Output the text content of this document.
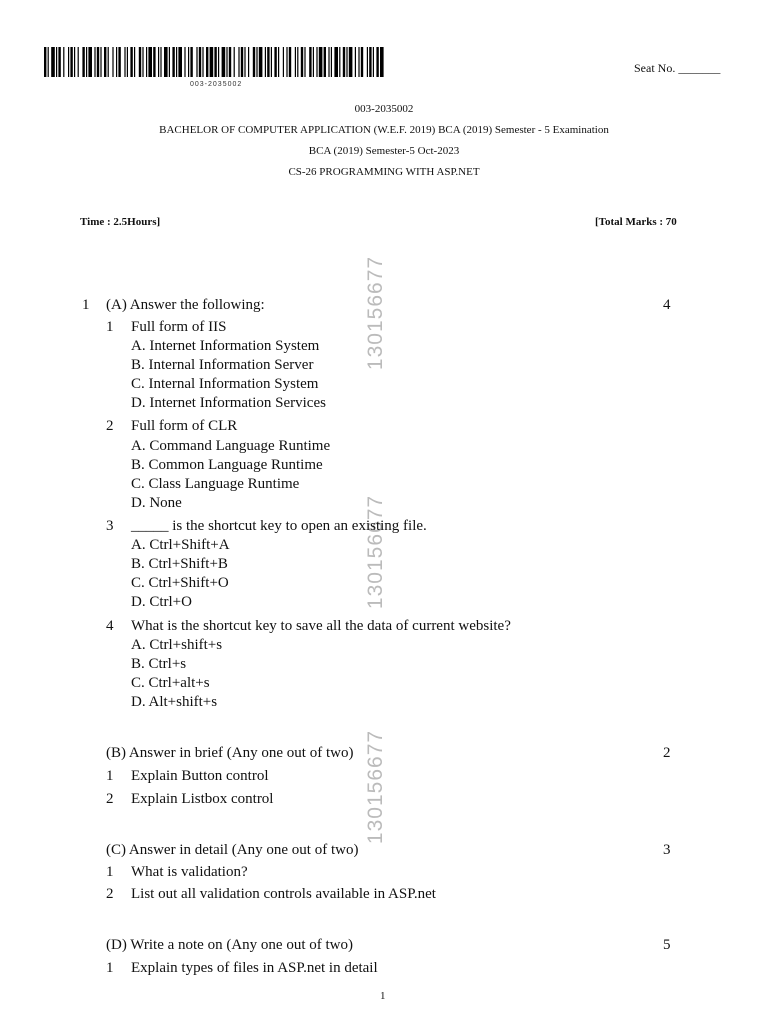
003-2035002
Seat No. _______
003-2035002
BACHELOR OF COMPUTER APPLICATION (W.E.F. 2019) BCA (2019) Semester - 5 Examination
BCA (2019) Semester-5 Oct-2023
CS-26 PROGRAMMING WITH ASP.NET
Time : 2.5Hours]	[Total Marks : 70
130156677
130156677
130156677
1 (A) Answer the following:	4
1 Full form of IIS
A. Internet Information System
B. Internal Information Server
C. Internal Information System
D. Internet Information Services
2 Full form of CLR
A. Command Language Runtime
B. Common Language Runtime
C. Class Language Runtime
D. None
3 _____ is the shortcut key to open an existing file.
A. Ctrl+Shift+A
B. Ctrl+Shift+B
C. Ctrl+Shift+O
D. Ctrl+O
4 What is the shortcut key to save all the data of current website?
A. Ctrl+shift+s
B. Ctrl+s
C. Ctrl+alt+s
D. Alt+shift+s
(B) Answer in brief (Any one out of two)	2
1 Explain Button control
2 Explain Listbox control
(C) Answer in detail (Any one out of two)	3
1 What is validation?
2 List out all validation controls available in ASP.net
(D) Write a note on (Any one out of two)	5
1 Explain types of files in ASP.net in detail
1
